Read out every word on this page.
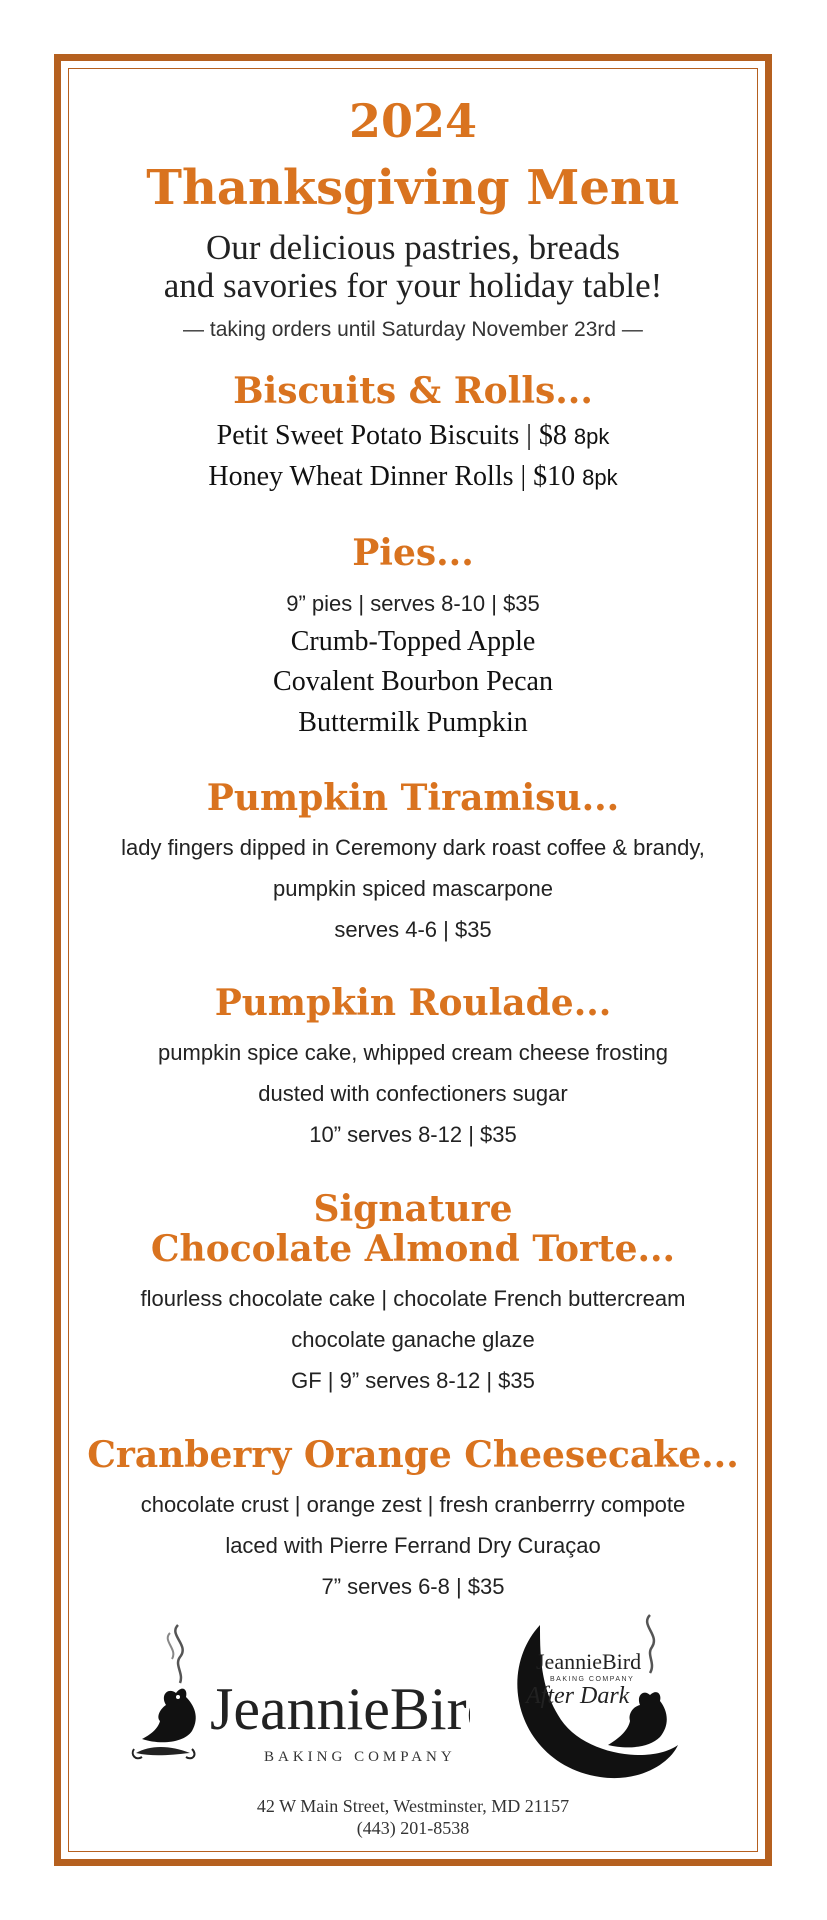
2024
Thanksgiving Menu
Our delicious pastries, breads
and savories for your holiday table!
— taking orders until Saturday November 23rd —
Biscuits & Rolls...
Petit Sweet Potato Biscuits | $8 8pk
Honey Wheat Dinner Rolls | $10 8pk
Pies...
9” pies | serves 8-10 | $35
Crumb-Topped Apple
Covalent Bourbon Pecan
Buttermilk Pumpkin
Pumpkin Tiramisu...
lady fingers dipped in Ceremony dark roast coffee & brandy,
pumpkin spiced mascarpone
serves 4-6 | $35
Pumpkin Roulade...
pumpkin spice cake, whipped cream cheese frosting
dusted with confectioners sugar
10” serves 8-12 | $35
Signature
Chocolate Almond Torte...
flourless chocolate cake | chocolate French buttercream
chocolate ganache glaze
GF | 9” serves 8-12 | $35
Cranberry Orange Cheesecake...
chocolate crust | orange zest | fresh cranberrry compote
laced with Pierre Ferrand Dry Curaçao
7” serves 6-8 | $35
JeannieBird
BAKING COMPANY
JeannieBird
BAKING COMPANY
After Dark
42 W Main Street, Westminster, MD 21157
(443) 201-8538
